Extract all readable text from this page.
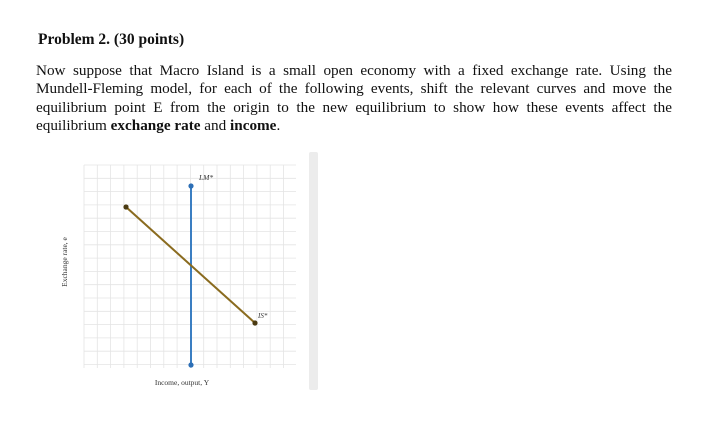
Problem 2. (30 points)
Now suppose that Macro Island is a small open economy with a fixed exchange rate. Using the Mundell-Fleming model, for each of the following events, shift the relevant curves and move the equilibrium point E from the origin to the new equilibrium to show how these events affect the equilibrium exchange rate and income.
Exchange rate, e
Income, output, Y
LM*
IS*
